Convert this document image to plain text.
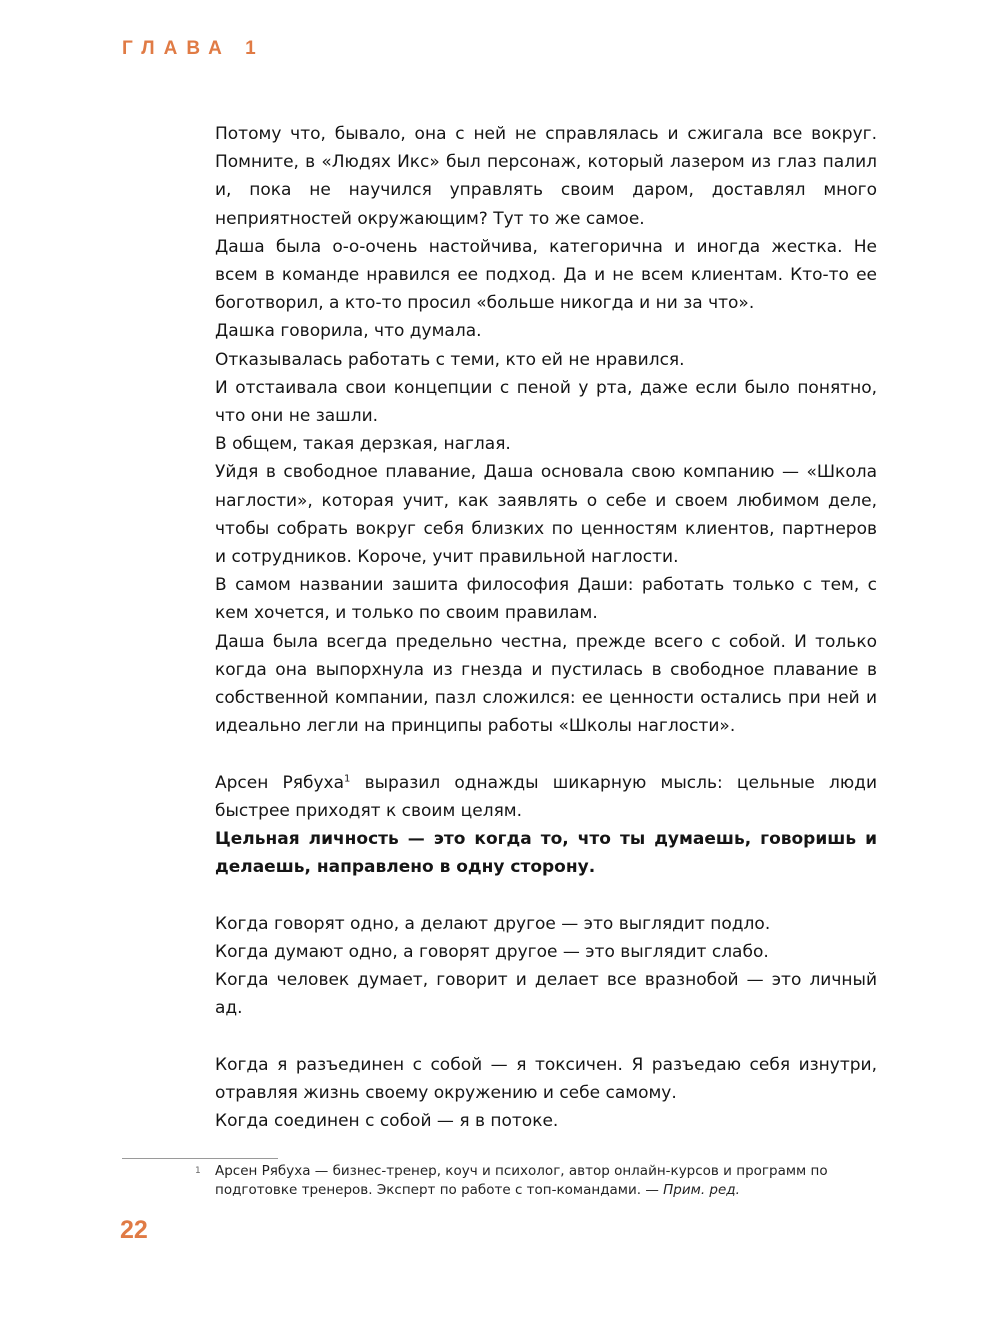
ГЛАВА 1

Потому что, бывало, она с ней не справлялась и сжигала все вокруг. Помните, в «Людях Икс» был персонаж, который лазером из глаз палил и, пока не научился управлять своим даром, доставлял много неприятностей окружающим? Тут то же самое.

Даша была о-о-очень настойчива, категорична и иногда жестка. Не всем в команде нравился ее подход. Да и не всем клиентам. Кто-то ее боготворил, а кто-то просил «больше никогда и ни за что».

Дашка говорила, что думала.

Отказывалась работать с теми, кто ей не нравился.

И отстаивала свои концепции с пеной у рта, даже если было понятно, что они не зашли.

В общем, такая дерзкая, наглая.

Уйдя в свободное плавание, Даша основала свою компанию — «Школа наглости», которая учит, как заявлять о себе и своем любимом деле, чтобы собрать вокруг себя близких по ценностям клиентов, партнеров и сотрудников. Короче, учит правильной наглости.

В самом названии зашита философия Даши: работать только с тем, с кем хочется, и только по своим правилам.

Даша была всегда предельно честна, прежде всего с собой. И только когда она выпорхнула из гнезда и пустилась в свободное плавание в собственной компании, пазл сложился: ее ценности остались при ней и идеально легли на принципы работы «Школы наглости».

Арсен Рябуха$^1$ выразил однажды шикарную мысль: цельные люди быстрее приходят к своим целям.

Цельная личность — это когда то, что ты думаешь, говоришь и делаешь, направлено в одну сторону.

Когда говорят одно, а делают другое — это выглядит подло.

Когда думают одно, а говорят другое — это выглядит слабо.

Когда человек думает, говорит и делает все вразнобой — это личный ад.

Когда я разъединен с собой — я токсичен. Я разъедаю себя изнутри, отравляя жизнь своему окружению и себе самому.

Когда соединен с собой — я в потоке.

1 Арсен Рябуха — бизнес-тренер, коуч и психолог, автор онлайн-курсов и программ по подготовке тренеров. Эксперт по работе с топ-командами. — Прим. ред.
22
